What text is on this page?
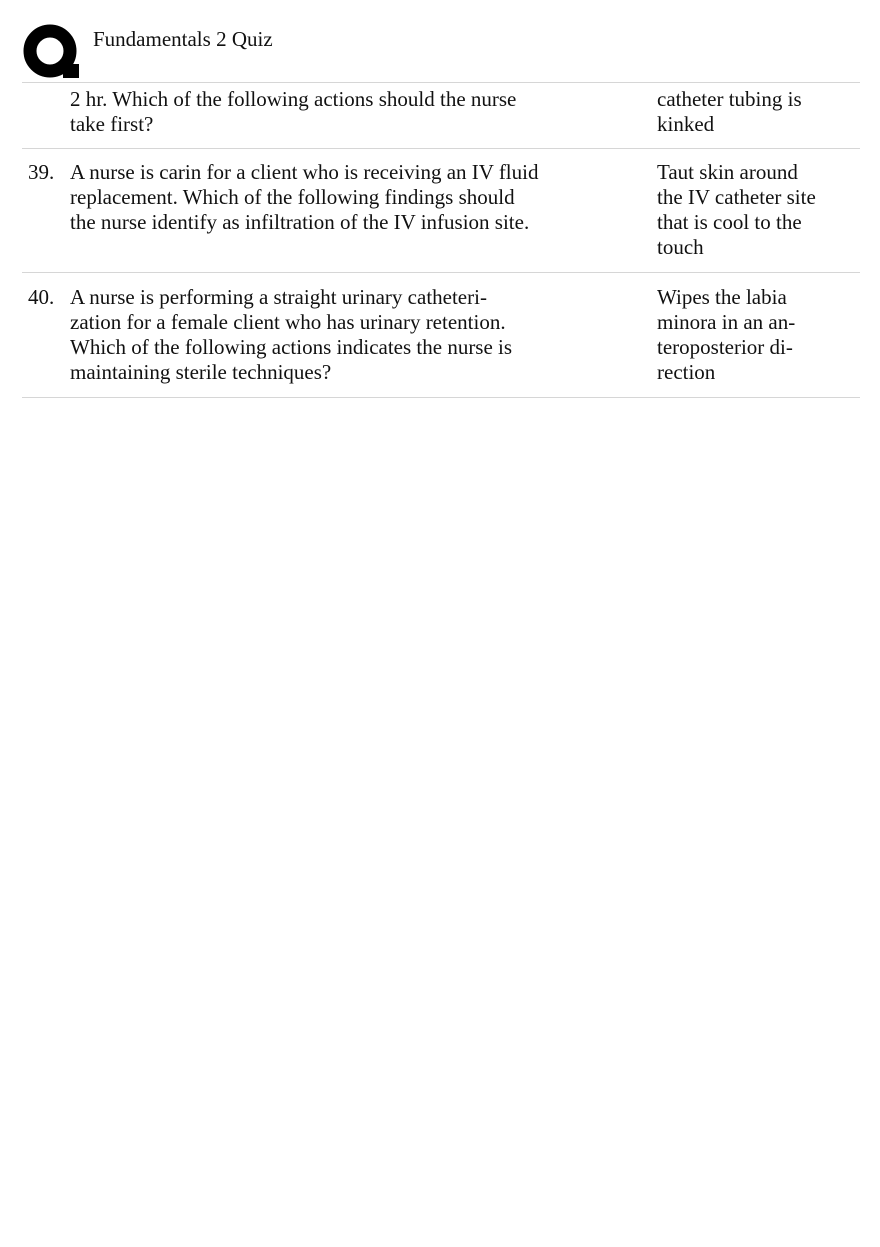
Fundamentals 2 Quiz
2 hr. Which of the following actions should the nurse
take first?
catheter tubing is
kinked
39. A nurse is carin for a client who is receiving an IV fluid
replacement. Which of the following findings should
the nurse identify as infiltration of the IV infusion site.
Taut skin around
the IV catheter site
that is cool to the
touch
40. A nurse is performing a straight urinary catheteri-
zation for a female client who has urinary retention.
Which of the following actions indicates the nurse is
maintaining sterile techniques?
Wipes the labia
minora in an an-
teroposterior di-
rection
